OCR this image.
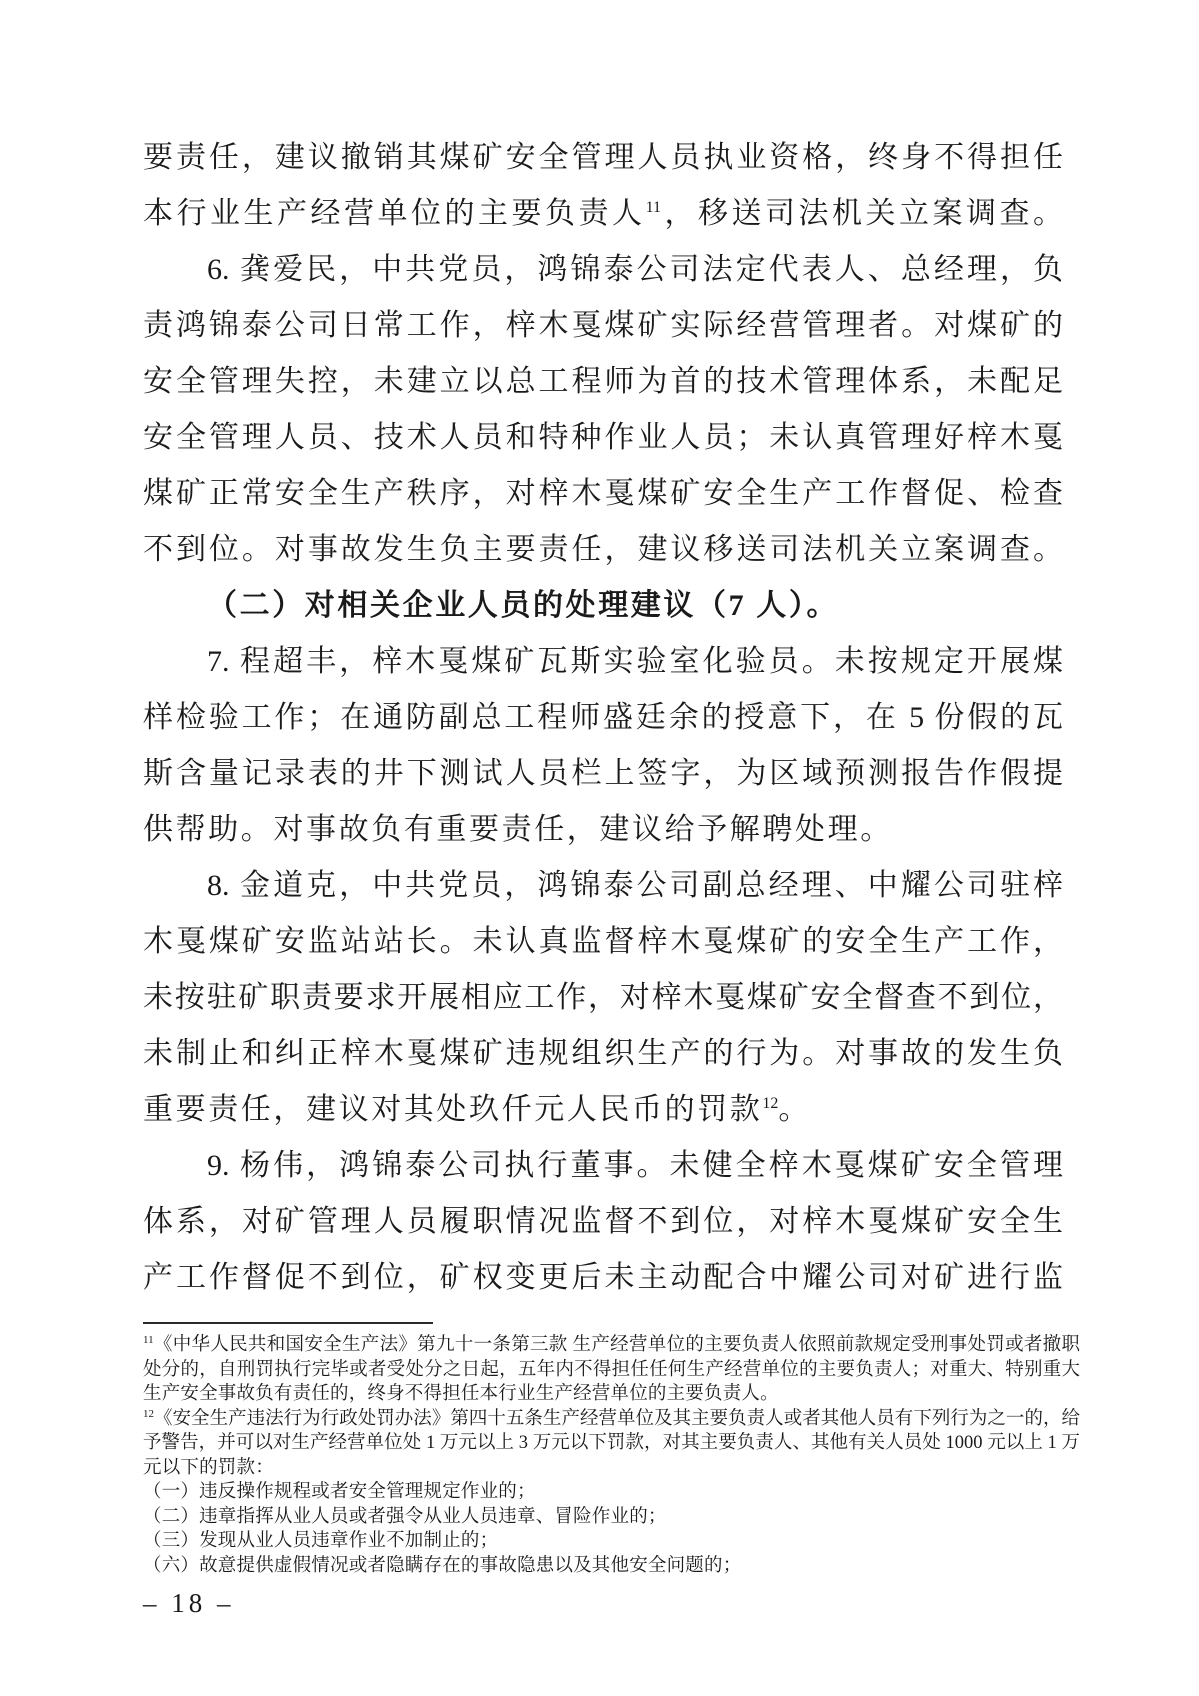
要责任，建议撤销其煤矿安全管理人员执业资格，终身不得担任
本行业生产经营单位的主要负责人$^{11}$，移送司法机关立案调查。
6. 龚爱民，中共党员，鸿锦泰公司法定代表人、总经理，负
责鸿锦泰公司日常工作，梓木戛煤矿实际经营管理者。对煤矿的
安全管理失控，未建立以总工程师为首的技术管理体系，未配足
安全管理人员、技术人员和特种作业人员；未认真管理好梓木戛
煤矿正常安全生产秩序，对梓木戛煤矿安全生产工作督促、检查
不到位。对事故发生负主要责任，建议移送司法机关立案调查。
（二）对相关企业人员的处理建议（7 人）。
7. 程超丰，梓木戛煤矿瓦斯实验室化验员。未按规定开展煤
样检验工作；在通防副总工程师盛廷余的授意下，在 5 份假的瓦
斯含量记录表的井下测试人员栏上签字，为区域预测报告作假提
供帮助。对事故负有重要责任，建议给予解聘处理。
8. 金道克，中共党员，鸿锦泰公司副总经理、中耀公司驻梓
木戛煤矿安监站站长。未认真监督梓木戛煤矿的安全生产工作，
未按驻矿职责要求开展相应工作，对梓木戛煤矿安全督查不到位，
未制止和纠正梓木戛煤矿违规组织生产的行为。对事故的发生负
重要责任，建议对其处玖仟元人民币的罚款$^{12}$。
9. 杨伟，鸿锦泰公司执行董事。未健全梓木戛煤矿安全管理
体系，对矿管理人员履职情况监督不到位，对梓木戛煤矿安全生
产工作督促不到位，矿权变更后未主动配合中耀公司对矿进行监
$^{11}$《中华人民共和国安全生产法》第九十一条第三款 生产经营单位的主要负责人依照前款规定受刑事处罚或者撤职
处分的，自刑罚执行完毕或者受处分之日起，五年内不得担任任何生产经营单位的主要负责人；对重大、特别重大
生产安全事故负有责任的，终身不得担任本行业生产经营单位的主要负责人。
$^{12}$《安全生产违法行为行政处罚办法》第四十五条生产经营单位及其主要负责人或者其他人员有下列行为之一的，给
予警告，并可以对生产经营单位处 1 万元以上 3 万元以下罚款，对其主要负责人、其他有关人员处 1000 元以上 1 万
元以下的罚款：
（一）违反操作规程或者安全管理规定作业的；
（二）违章指挥从业人员或者强令从业人员违章、冒险作业的；
（三）发现从业人员违章作业不加制止的；
（六）故意提供虚假情况或者隐瞒存在的事故隐患以及其他安全问题的；
– 18 –
